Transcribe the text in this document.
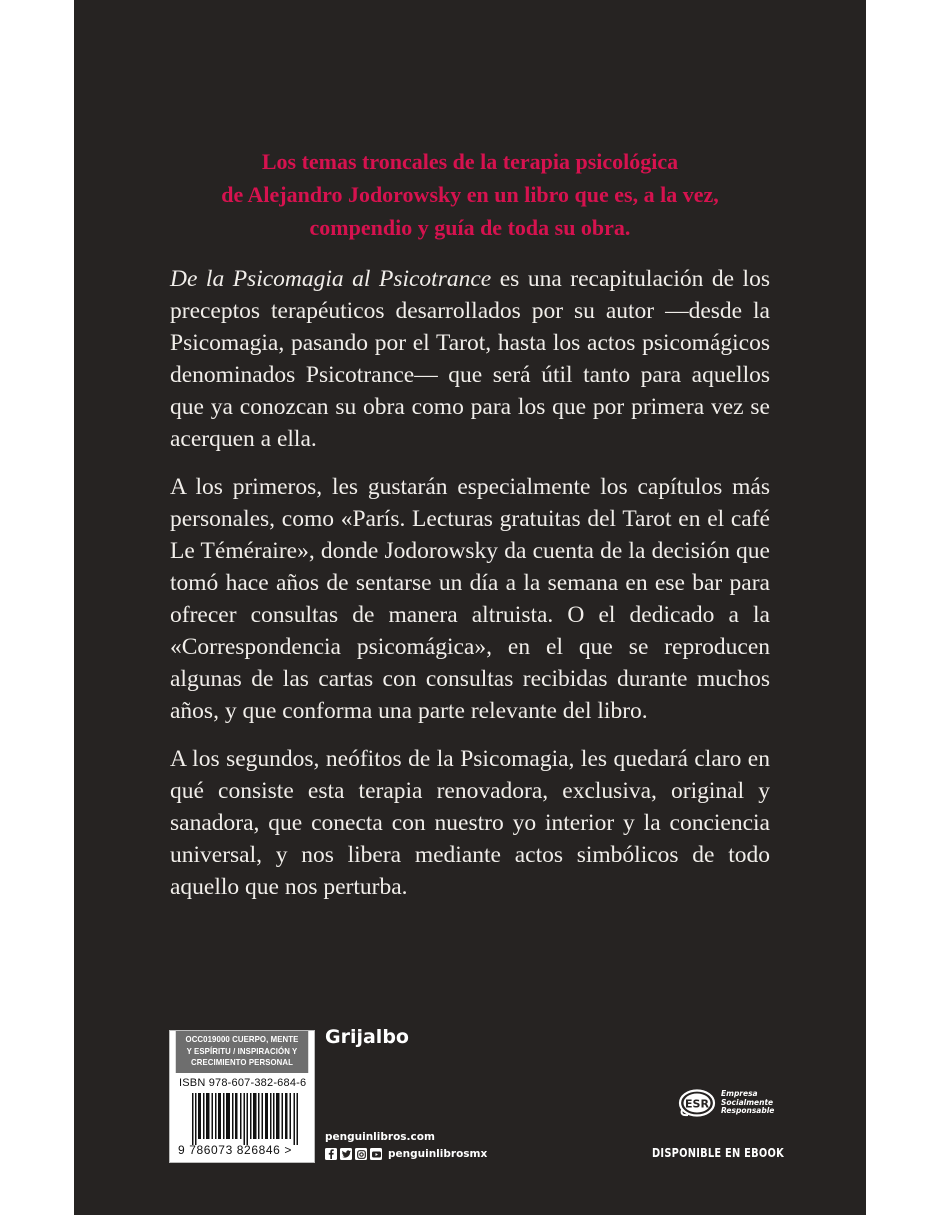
Los temas troncales de la terapia psicológica
de Alejandro Jodorowsky en un libro que es, a la vez,
compendio y guía de toda su obra.

De la Psicomagia al Psicotrance es una recapitulación de los preceptos terapéuticos desarrollados por su autor —desde la Psicomagia, pasando por el Tarot, hasta los actos psicomágicos denominados Psicotrance— que será útil tanto para aquellos que ya conozcan su obra como para los que por primera vez se acerquen a ella.

A los primeros, les gustarán especialmente los capítulos más personales, como «París. Lecturas gratuitas del Tarot en el café Le Téméraire», donde Jodorowsky da cuenta de la decisión que tomó hace años de sentarse un día a la semana en ese bar para ofrecer consultas de manera altruista. O el dedicado a la «Correspondencia psicomágica», en el que se reproducen algunas de las cartas con consultas recibidas durante muchos años, y que conforma una parte relevante del libro.

A los segundos, neófitos de la Psicomagia, les quedará claro en qué consiste esta terapia renovadora, exclusiva, original y sanadora, que conecta con nuestro yo interior y la conciencia universal, y nos libera mediante actos simbólicos de todo aquello que nos perturba.

OCC019000 CUERPO, MENTE
Y ESPÍRITU / INSPIRACIÓN Y
CRECIMIENTO PERSONAL
ISBN 978-607-382-684-6
9 786073 826846 >
Grijalbo
penguinlibros.com
penguinlibrosmx
ESR
Empresa
Socialmente
Responsable
DISPONIBLE EN EBOOK
